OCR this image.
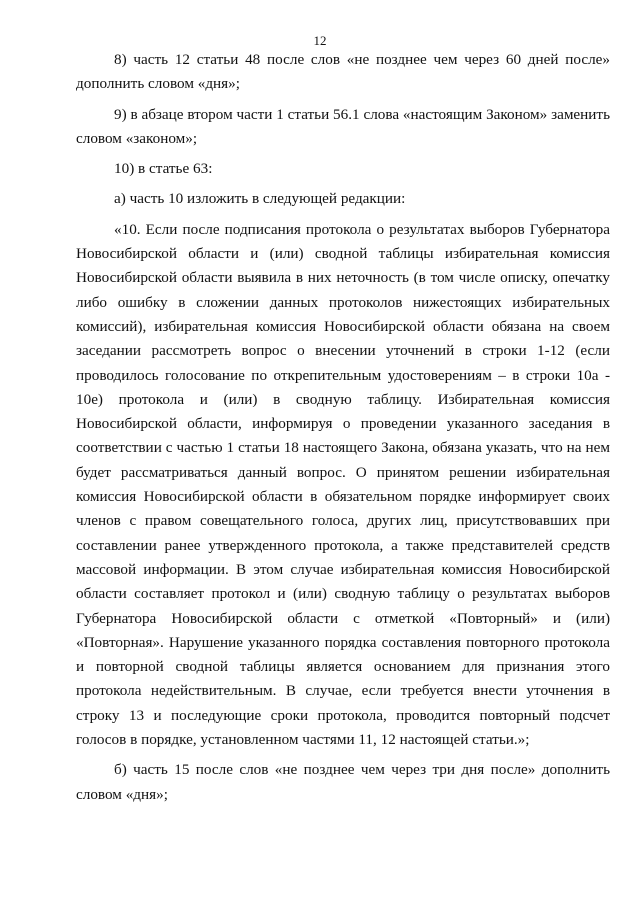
12
8) часть 12 статьи 48 после слов «не позднее чем через 60 дней после»
дополнить словом «дня»;
9) в абзаце втором части 1 статьи 56.1 слова «настоящим Законом» заменить
словом «законом»;
10) в статье 63:
а) часть 10 изложить в следующей редакции:
«10. Если после подписания протокола о результатах выборов Губернатора
Новосибирской области и (или) сводной таблицы избирательная комиссия
Новосибирской области выявила в них неточность (в том числе описку, опечатку
либо ошибку в сложении данных протоколов нижестоящих избирательных
комиссий), избирательная комиссия Новосибирской области обязана на своем
заседании рассмотреть вопрос о внесении уточнений в строки 1-12 (если
проводилось голосование по открепительным удостоверениям – в строки 10а -
10е) протокола и (или) в сводную таблицу. Избирательная комиссия
Новосибирской области, информируя о проведении указанного заседания в
соответствии с частью 1 статьи 18 настоящего Закона, обязана указать, что на нем
будет рассматриваться данный вопрос. О принятом решении избирательная
комиссия Новосибирской области в обязательном порядке информирует своих
членов с правом совещательного голоса, других лиц, присутствовавших при
составлении ранее утвержденного протокола, а также представителей средств
массовой информации. В этом случае избирательная комиссия Новосибирской
области составляет протокол и (или) сводную таблицу о результатах выборов
Губернатора Новосибирской области с отметкой «Повторный» и (или)
«Повторная». Нарушение указанного порядка составления повторного протокола
и повторной сводной таблицы является основанием для признания этого
протокола недействительным. В случае, если требуется внести уточнения в
строку 13 и последующие сроки протокола, проводится повторный подсчет
голосов в порядке, установленном частями 11, 12 настоящей статьи.»;
б) часть 15 после слов «не позднее чем через три дня после» дополнить
словом «дня»;
